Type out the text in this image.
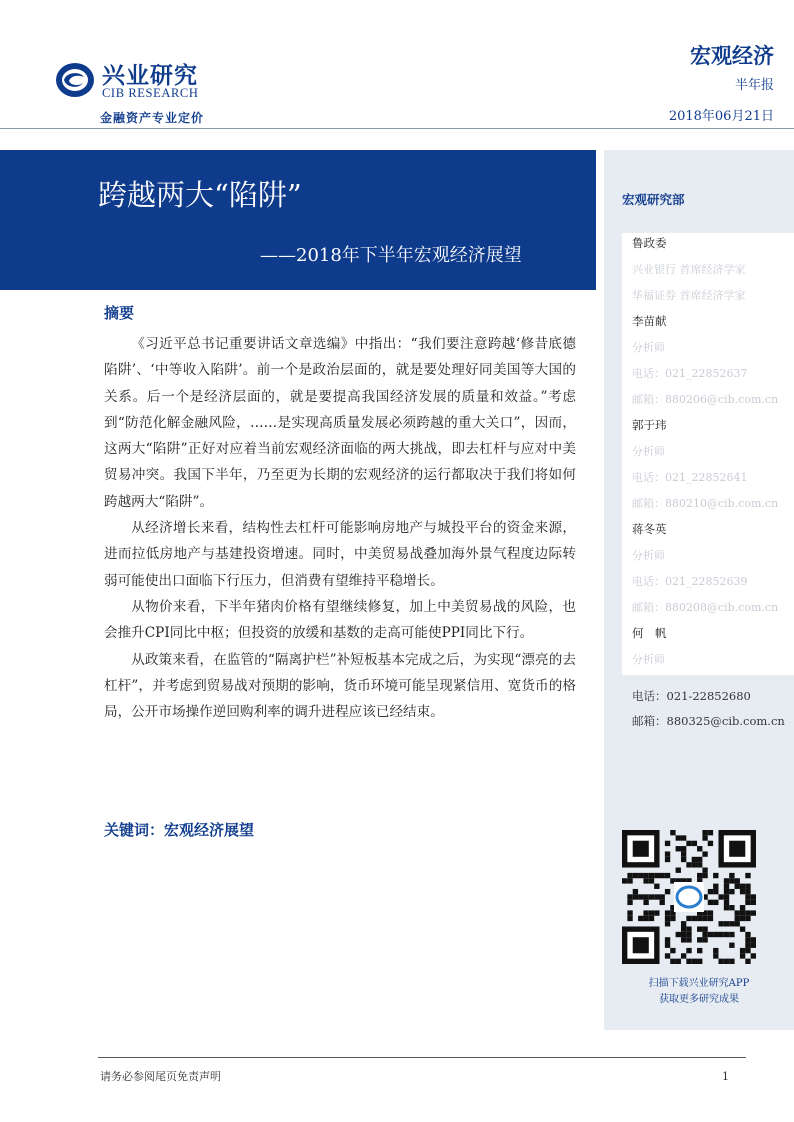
兴业研究
CIB RESEARCH
金融资产专业定价
宏观经济
半年报
2018年06月21日
跨越两大“陷阱”
——2018年下半年宏观经济展望
宏观研究部
鲁政委
兴业银行 首席经济学家
华福证券 首席经济学家
李苗献
分析师
电话：021_22852637
邮箱：880206@cib.com.cn
郭于玮
分析师
电话：021_22852641
邮箱：880210@cib.com.cn
蒋冬英
分析师
电话：021_22852639
邮箱：880208@cib.com.cn
何　帆
分析师
电话：021-22852680
邮箱：880325@cib.com.cn
扫描下载兴业研究APP
获取更多研究成果
摘要

《习近平总书记重要讲话文章选编》中指出：“我们要注意跨越‘修昔底德陷阱’、‘中等收入陷阱’。前一个是政治层面的，就是要处理好同美国等大国的关系。后一个是经济层面的，就是要提高我国经济发展的质量和效益。”考虑到“防范化解金融风险，……是实现高质量发展必须跨越的重大关口”，因而，这两大“陷阱”正好对应着当前宏观经济面临的两大挑战，即去杠杆与应对中美贸易冲突。我国下半年，乃至更为长期的宏观经济的运行都取决于我们将如何跨越两大“陷阱”。

从经济增长来看，结构性去杠杆可能影响房地产与城投平台的资金来源，进而拉低房地产与基建投资增速。同时，中美贸易战叠加海外景气程度边际转弱可能使出口面临下行压力，但消费有望维持平稳增长。

从物价来看，下半年猪肉价格有望继续修复，加上中美贸易战的风险，也会推升CPI同比中枢；但投资的放缓和基数的走高可能使PPI同比下行。

从政策来看，在监管的“隔离护栏”补短板基本完成之后，为实现“漂亮的去杠杆”，并考虑到贸易战对预期的影响，货币环境可能呈现紧信用、宽货币的格局，公开市场操作逆回购利率的调升进程应该已经结束。

关键词：宏观经济展望
请务必参阅尾页免责声明	1
